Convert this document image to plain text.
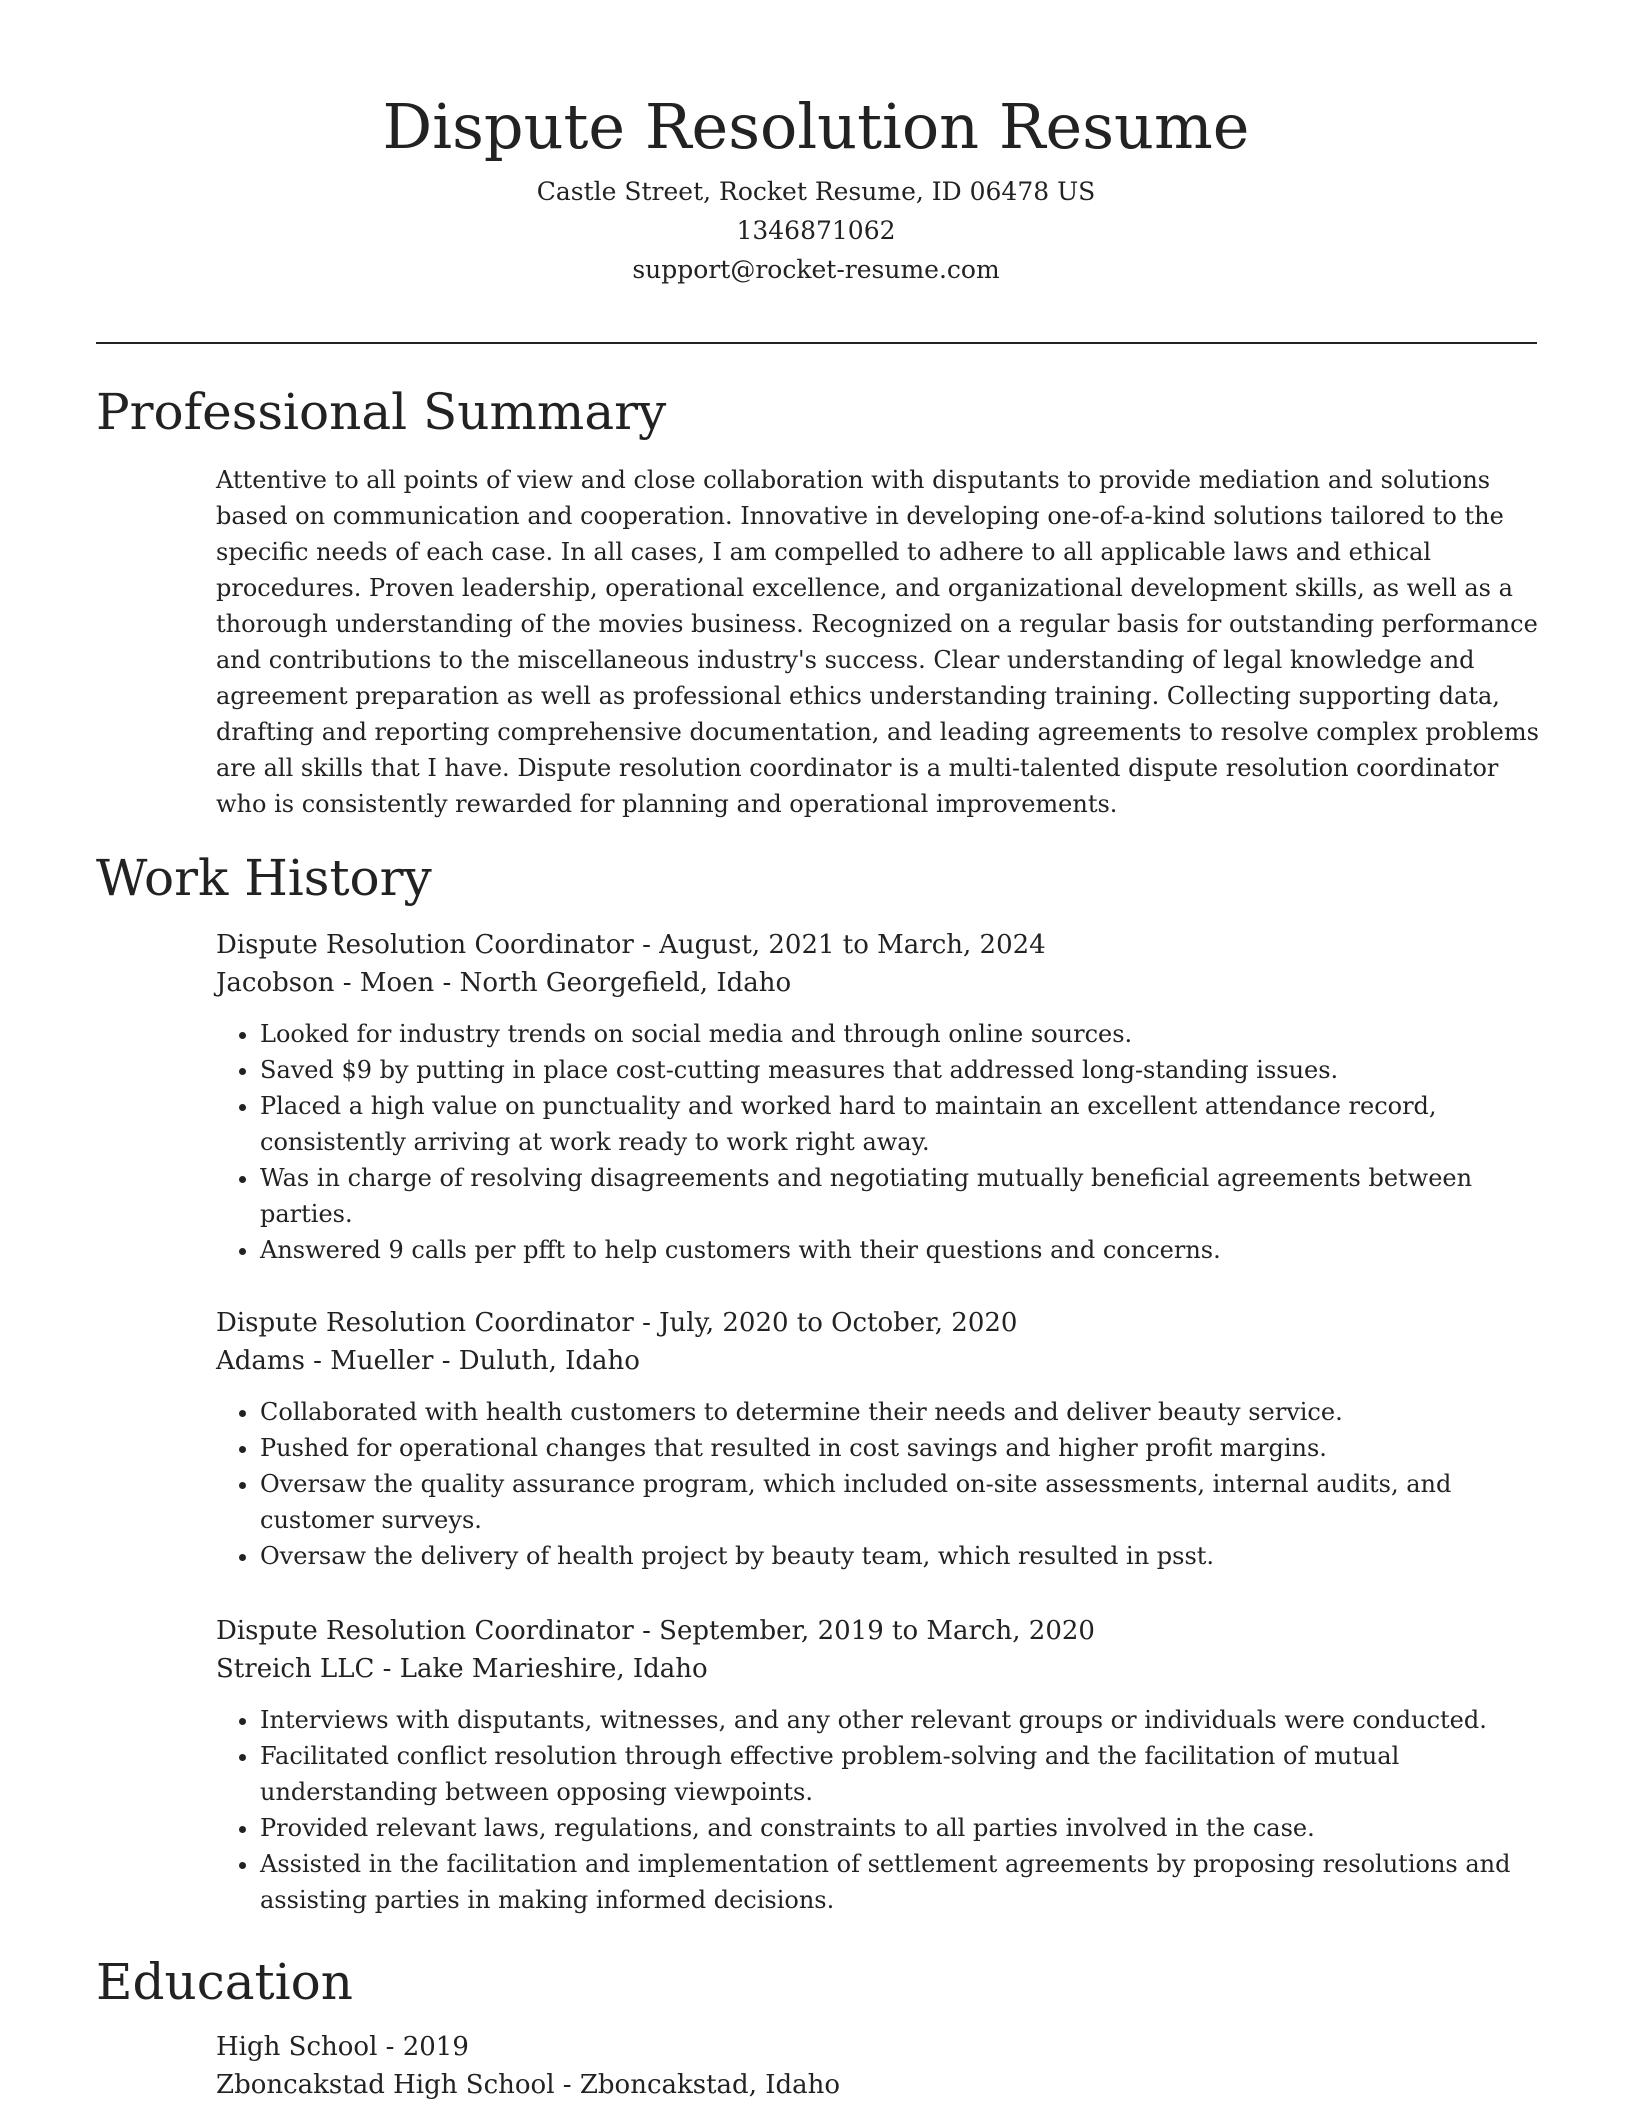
Dispute Resolution Resume
Castle Street, Rocket Resume, ID 06478 US
1346871062
support@rocket-resume.com
Professional Summary

Attentive to all points of view and close collaboration with disputants to provide mediation and solutions based on communication and cooperation. Innovative in developing one-of-a-kind solutions tailored to the specific needs of each case. In all cases, I am compelled to adhere to all applicable laws and ethical procedures. Proven leadership, operational excellence, and organizational development skills, as well as a thorough understanding of the movies business. Recognized on a regular basis for outstanding performance and contributions to the miscellaneous industry's success. Clear understanding of legal knowledge and agreement preparation as well as professional ethics understanding training. Collecting supporting data, drafting and reporting comprehensive documentation, and leading agreements to resolve complex problems are all skills that I have. Dispute resolution coordinator is a multi-talented dispute resolution coordinator who is consistently rewarded for planning and operational improvements.

Work History
Dispute Resolution Coordinator - August, 2021 to March, 2024
Jacobson - Moen - North Georgefield, Idaho
• Looked for industry trends on social media and through online sources.
• Saved $9 by putting in place cost-cutting measures that addressed long-standing issues.
• Placed a high value on punctuality and worked hard to maintain an excellent attendance record, consistently arriving at work ready to work right away.
• Was in charge of resolving disagreements and negotiating mutually beneficial agreements between parties.
• Answered 9 calls per pfft to help customers with their questions and concerns.
Dispute Resolution Coordinator - July, 2020 to October, 2020
Adams - Mueller - Duluth, Idaho
• Collaborated with health customers to determine their needs and deliver beauty service.
• Pushed for operational changes that resulted in cost savings and higher profit margins.
• Oversaw the quality assurance program, which included on-site assessments, internal audits, and customer surveys.
• Oversaw the delivery of health project by beauty team, which resulted in psst.
Dispute Resolution Coordinator - September, 2019 to March, 2020
Streich LLC - Lake Marieshire, Idaho
• Interviews with disputants, witnesses, and any other relevant groups or individuals were conducted.
• Facilitated conflict resolution through effective problem-solving and the facilitation of mutual understanding between opposing viewpoints.
• Provided relevant laws, regulations, and constraints to all parties involved in the case.
• Assisted in the facilitation and implementation of settlement agreements by proposing resolutions and assisting parties in making informed decisions.
Education
High School - 2019
Zboncakstad High School - Zboncakstad, Idaho
